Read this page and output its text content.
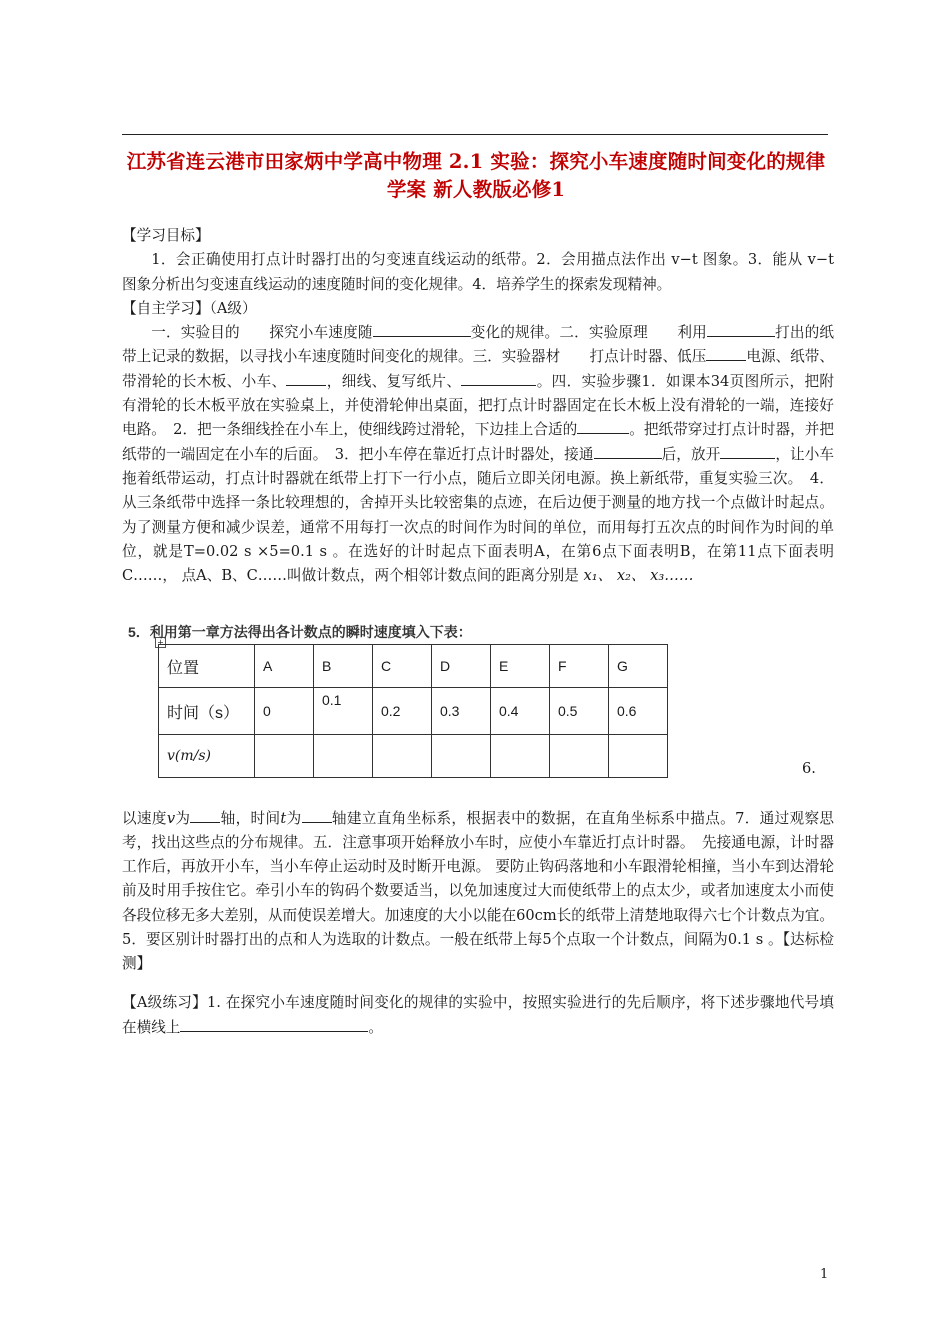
江苏省连云港市田家炳中学高中物理 2.1 实验：探究小车速度随时间变化的规律学案 新人教版必修1

【学习目标】

1．会正确使用打点计时器打出的匀变速直线运动的纸带。2．会用描点法作出 v−t 图象。3．能从 v−t 图象分析出匀变速直线运动的速度随时间的变化规律。4．培养学生的探索发现精神。

【自主学习】（A级）

一．实验目的　　探究小车速度随	变化的规律。二．实验原理　　利用	打出的纸带上记录的数据，以寻找小车速度随时间变化的规律。三．实验器材　　打点计时器、低压	电源、纸带、带滑轮的长木板、小车、	，细线、复写纸片、	。四．实验步骤1．如课本34页图所示，把附有滑轮的长木板平放在实验桌上，并使滑轮伸出桌面，把打点计时器固定在长木板上没有滑轮的一端，连接好电路。　2．把一条细线拴在小车上，使细线跨过滑轮，下边挂上合适的	。把纸带穿过打点计时器，并把纸带的一端固定在小车的后面。　3．把小车停在靠近打点计时器处，接通	后，放开	，让小车拖着纸带运动，打点计时器就在纸带上打下一行小点，随后立即关闭电源。换上新纸带，重复实验三次。　4．从三条纸带中选择一条比较理想的，舍掉开头比较密集的点迹，在后边便于测量的地方找一个点做计时起点。为了测量方便和减少误差，通常不用每打一次点的时间作为时间的单位，而用每打五次点的时间作为时间的单位，就是T=0.02 s ×5=0.1 s 。在选好的计时起点下面表明A，在第6点下面表明B，在第11点下面表明C……， 点A、B、C……叫做计数点，两个相邻计数点间的距离分别是 x₁、 x₂、 x₃……

+
5．利用第一章方法得出各计数点的瞬时速度填入下表：
位置	A	B	C	D	E	F	G
时间（s）	0	0.1	0.2	0.3	0.4	0.5	0.6
v(m/s)							
6.

以速度v为 轴，时间t为 轴建立直角坐标系，根据表中的数据，在直角坐标系中描点。7．通过观察思考，找出这些点的分布规律。五．注意事项开始释放小车时，应使小车靠近打点计时器。　先接通电源，计时器工作后，再放开小车，当小车停止运动时及时断开电源。 要防止钩码落地和小车跟滑轮相撞，当小车到达滑轮前及时用手按住它。牵引小车的钩码个数要适当，以免加速度过大而使纸带上的点太少，或者加速度太小而使各段位移无多大差别，从而使误差增大。加速度的大小以能在60cm长的纸带上清楚地取得六七个计数点为宜。 5．要区别计时器打出的点和人为选取的计数点。一般在纸带上每5个点取一个计数点，间隔为0.1 s 。【达标检测】

【A级练习】1. 在探究小车速度随时间变化的规律的实验中，按照实验进行的先后顺序，将下述步骤地代号填在横线上	。

1
